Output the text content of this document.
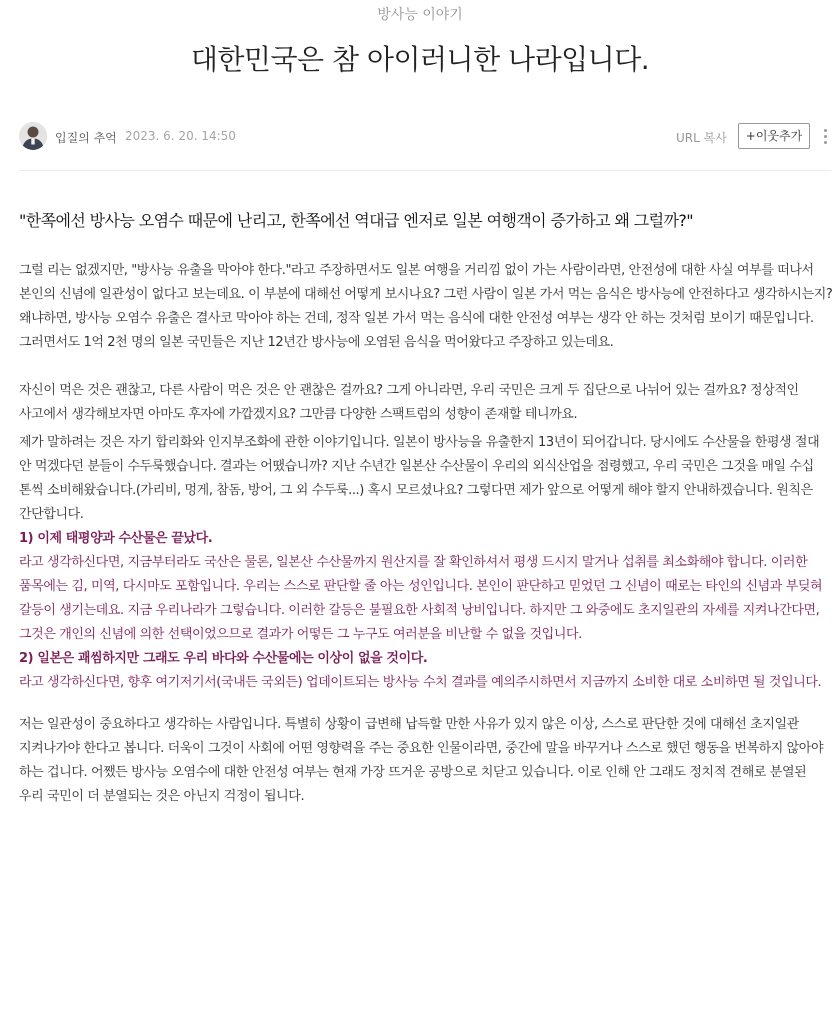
방사능 이야기
대한민국은 참 아이러니한 나라입니다.
입질의 추억 2023. 6. 20. 14:50	URL 복사	+이웃추가

"한쪽에선 방사능 오염수 때문에 난리고, 한쪽에선 역대급 엔저로 일본 여행객이 증가하고 왜 그럴까?"

그럴 리는 없겠지만, "방사능 유출을 막아야 한다."라고 주장하면서도 일본 여행을 거리낌 없이 가는 사람이라면, 안전성에 대한 사실 여부를 떠나서 본인의 신념에 일관성이 없다고 보는데요. 이 부분에 대해선 어떻게 보시나요? 그런 사람이 일본 가서 먹는 음식은 방사능에 안전하다고 생각하시는지? 왜냐하면, 방사능 오염수 유출은 결사코 막아야 하는 건데, 정작 일본 가서 먹는 음식에 대한 안전성 여부는 생각 안 하는 것처럼 보이기 때문입니다. 그러면서도 1억 2천 명의 일본 국민들은 지난 12년간 방사능에 오염된 음식을 먹어왔다고 주장하고 있는데요.

자신이 먹은 것은 괜찮고, 다른 사람이 먹은 것은 안 괜찮은 걸까요? 그게 아니라면, 우리 국민은 크게 두 집단으로 나뉘어 있는 걸까요? 정상적인 사고에서 생각해보자면 아마도 후자에 가깝겠지요? 그만큼 다양한 스팩트럼의 성향이 존재할 테니까요.

제가 말하려는 것은 자기 합리화와 인지부조화에 관한 이야기입니다. 일본이 방사능을 유출한지 13년이 되어갑니다. 당시에도 수산물을 한평생 절대 안 먹겠다던 분들이 수두룩했습니다. 결과는 어땠습니까? 지난 수년간 일본산 수산물이 우리의 외식산업을 점령했고, 우리 국민은 그것을 매일 수십 톤씩 소비해왔습니다.(가리비, 멍게, 참돔, 방어, 그 외 수두룩...) 혹시 모르셨나요? 그렇다면 제가 앞으로 어떻게 해야 할지 안내하겠습니다. 원칙은 간단합니다.

1) 이제 태평양과 수산물은 끝났다.

라고 생각하신다면, 지금부터라도 국산은 물론, 일본산 수산물까지 원산지를 잘 확인하셔서 평생 드시지 말거나 섭취를 최소화해야 합니다. 이러한 품목에는 김, 미역, 다시마도 포함입니다. 우리는 스스로 판단할 줄 아는 성인입니다. 본인이 판단하고 믿었던 그 신념이 때로는 타인의 신념과 부딪혀 갈등이 생기는데요. 지금 우리나라가 그렇습니다. 이러한 갈등은 불필요한 사회적 낭비입니다. 하지만 그 와중에도 초지일관의 자세를 지켜나간다면, 그것은 개인의 신념에 의한 선택이었으므로 결과가 어떻든 그 누구도 여러분을 비난할 수 없을 것입니다.

2) 일본은 괘씸하지만 그래도 우리 바다와 수산물에는 이상이 없을 것이다.

라고 생각하신다면, 향후 여기저기서(국내든 국외든) 업데이트되는 방사능 수치 결과를 예의주시하면서 지금까지 소비한 대로 소비하면 될 것입니다.

저는 일관성이 중요하다고 생각하는 사람입니다. 특별히 상황이 급변해 납득할 만한 사유가 있지 않은 이상, 스스로 판단한 것에 대해선 초지일관 지켜나가야 한다고 봅니다. 더욱이 그것이 사회에 어떤 영향력을 주는 중요한 인물이라면, 중간에 말을 바꾸거나 스스로 했던 행동을 번복하지 않아야 하는 겁니다. 어쨌든 방사능 오염수에 대한 안전성 여부는 현재 가장 뜨거운 공방으로 치닫고 있습니다. 이로 인해 안 그래도 정치적 견해로 분열된 우리 국민이 더 분열되는 것은 아닌지 걱정이 됩니다.
